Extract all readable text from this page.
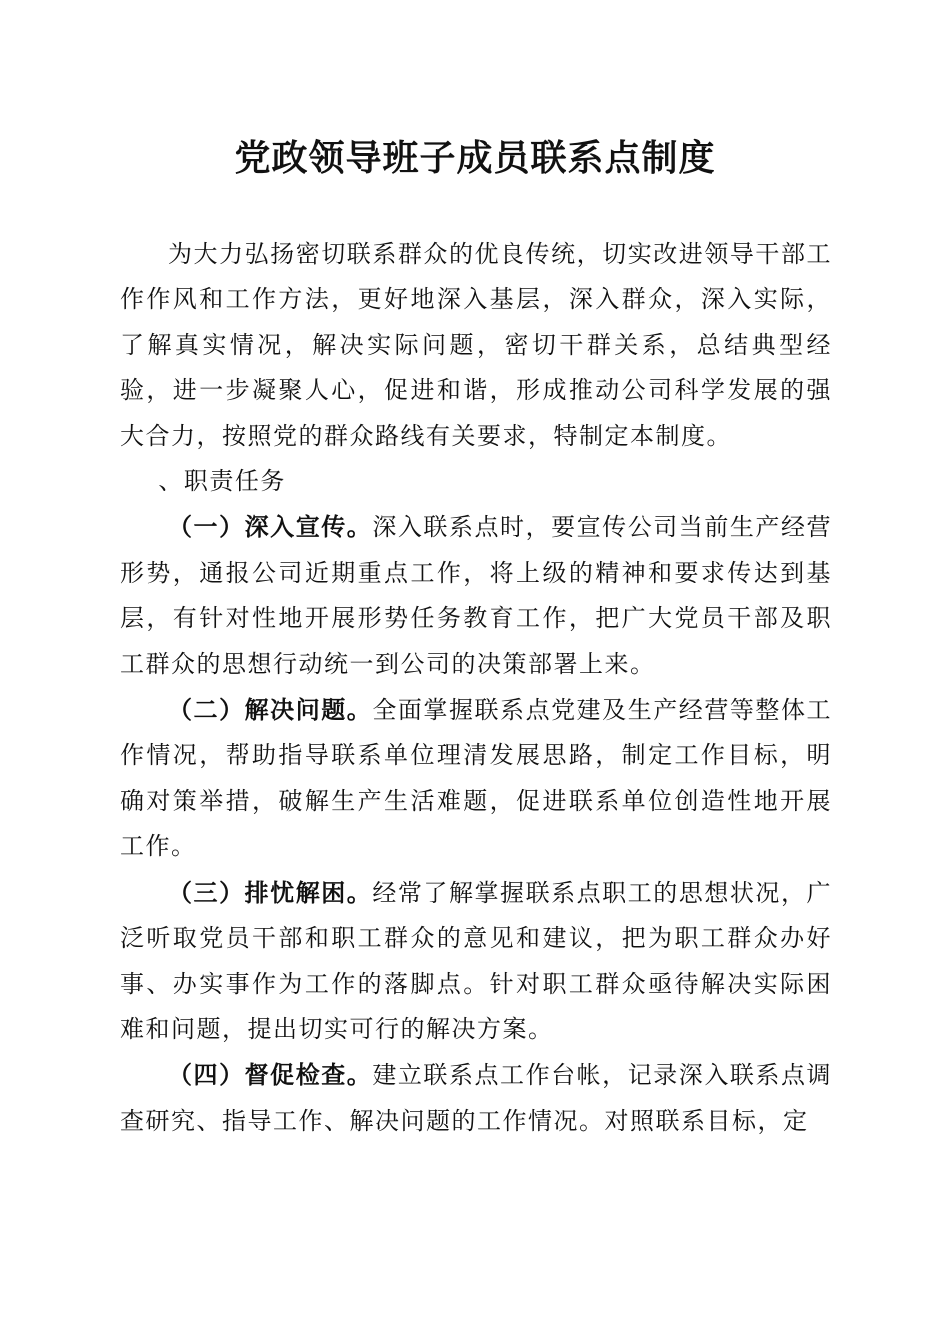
党政领导班子成员联系点制度

为大力弘扬密切联系群众的优良传统，切实改进领导干部工作作风和工作方法，更好地深入基层，深入群众，深入实际，了解真实情况，解决实际问题，密切干群关系，总结典型经验，进一步凝聚人心，促进和谐，形成推动公司科学发展的强大合力，按照党的群众路线有关要求，特制定本制度。

、职责任务

（一）深入宣传。深入联系点时，要宣传公司当前生产经营形势，通报公司近期重点工作，将上级的精神和要求传达到基层，有针对性地开展形势任务教育工作，把广大党员干部及职工群众的思想行动统一到公司的决策部署上来。

（二）解决问题。全面掌握联系点党建及生产经营等整体工作情况，帮助指导联系单位理清发展思路，制定工作目标，明确对策举措，破解生产生活难题，促进联系单位创造性地开展工作。

（三）排忧解困。经常了解掌握联系点职工的思想状况，广泛听取党员干部和职工群众的意见和建议，把为职工群众办好事、办实事作为工作的落脚点。针对职工群众亟待解决实际困难和问题，提出切实可行的解决方案。

（四）督促检查。建立联系点工作台帐，记录深入联系点调查研究、指导工作、解决问题的工作情况。对照联系目标，定
